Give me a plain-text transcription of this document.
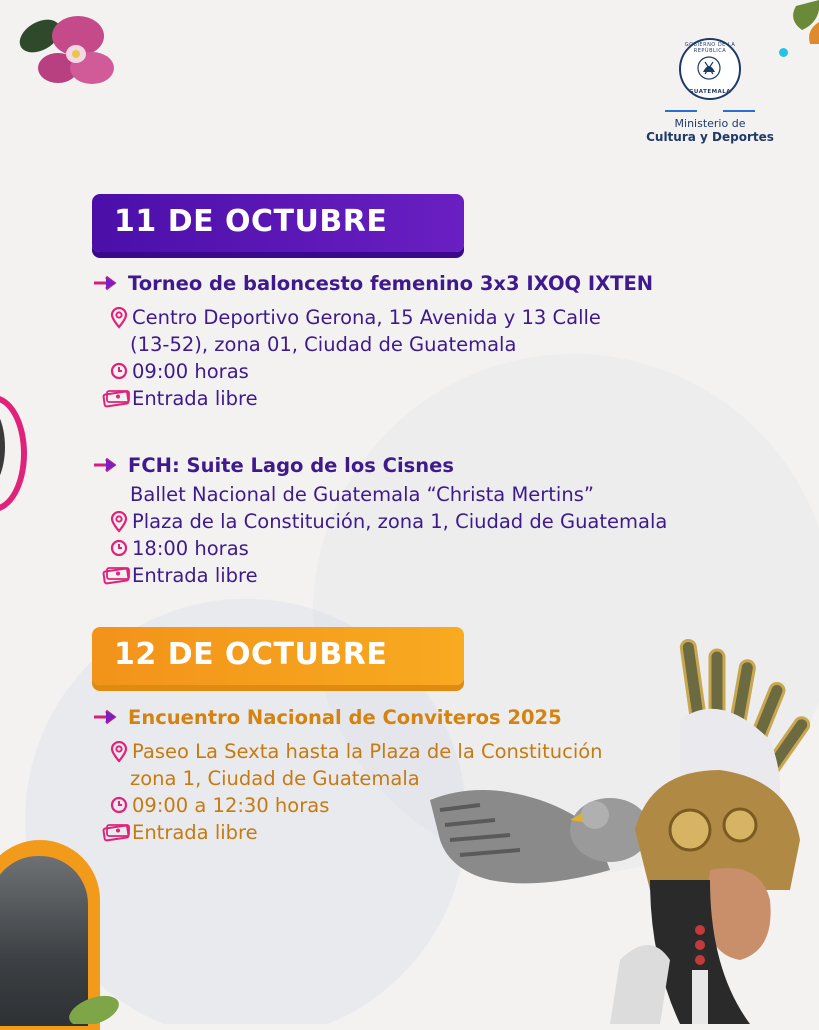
GOBIERNO DE LA REPÚBLICA
GUATEMALA
Ministerio de
Cultura y Deportes
11 DE OCTUBRE
Torneo de baloncesto femenino 3x3 IXOQ IXTEN
Centro Deportivo Gerona, 15 Avenida y 13 Calle
(13-52), zona 01, Ciudad de Guatemala
09:00 horas
Entrada libre
FCH: Suite Lago de los Cisnes
Ballet Nacional de Guatemala “Christa Mertins”
Plaza de la Constitución, zona 1, Ciudad de Guatemala
18:00 horas
Entrada libre
12 DE OCTUBRE
Encuentro Nacional de Conviteros 2025
Paseo La Sexta hasta la Plaza de la Constitución
zona 1, Ciudad de Guatemala
09:00 a 12:30 horas
Entrada libre
